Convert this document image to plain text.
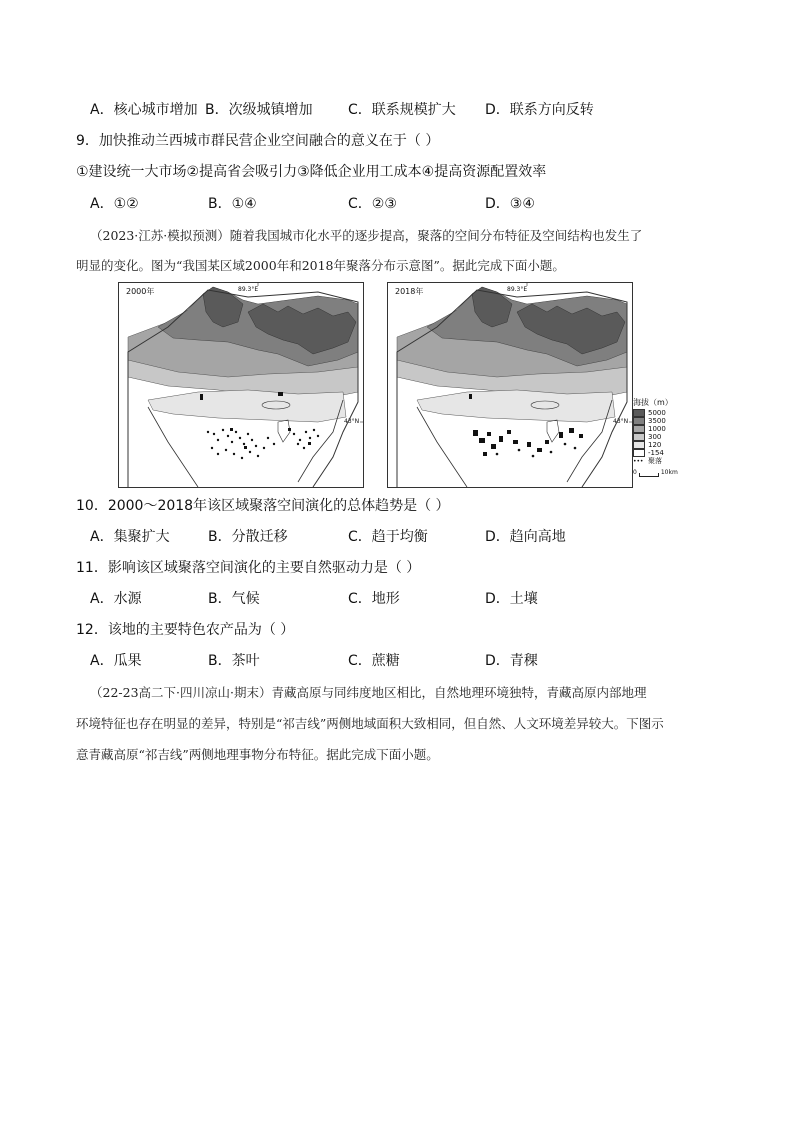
A．核心城市增加 B．次级城镇增加	C．联系规模扩大 D．联系方向反转
9．加快推动兰西城市群民营企业空间融合的意义在于（ ）
①建设统一大市场②提高省会吸引力③降低企业用工成本④提高资源配置效率
A．①②	B．①④	C．②③	D．③④
（2023·江苏·模拟预测）随着我国城市化水平的逐步提高，聚落的空间分布特征及空间结构也发生了
明显的变化。图为“我国某区域2000年和2018年聚落分布示意图”。据此完成下面小题。
2000年	89.3°E	2018年	89.3°E
43°N	43°N
海拔（m）
5000
3500
1000
300
120
-154
• • • 聚落
0	10km
10．2000～2018年该区域聚落空间演化的总体趋势是（ ）
A．集聚扩大	B．分散迁移	C．趋于均衡	D．趋向高地
11．影响该区域聚落空间演化的主要自然驱动力是（ ）
A．水源	B．气候	C．地形	D．土壤
12．该地的主要特色农产品为（ ）
A．瓜果	B．茶叶	C．蔗糖	D．青稞
（22-23高二下·四川凉山·期末）青藏高原与同纬度地区相比，自然地理环境独特，青藏高原内部地理
环境特征也存在明显的差异，特别是“祁吉线”两侧地域面积大致相同，但自然、人文环境差异较大。下图示
意青藏高原“祁吉线”两侧地理事物分布特征。据此完成下面小题。
